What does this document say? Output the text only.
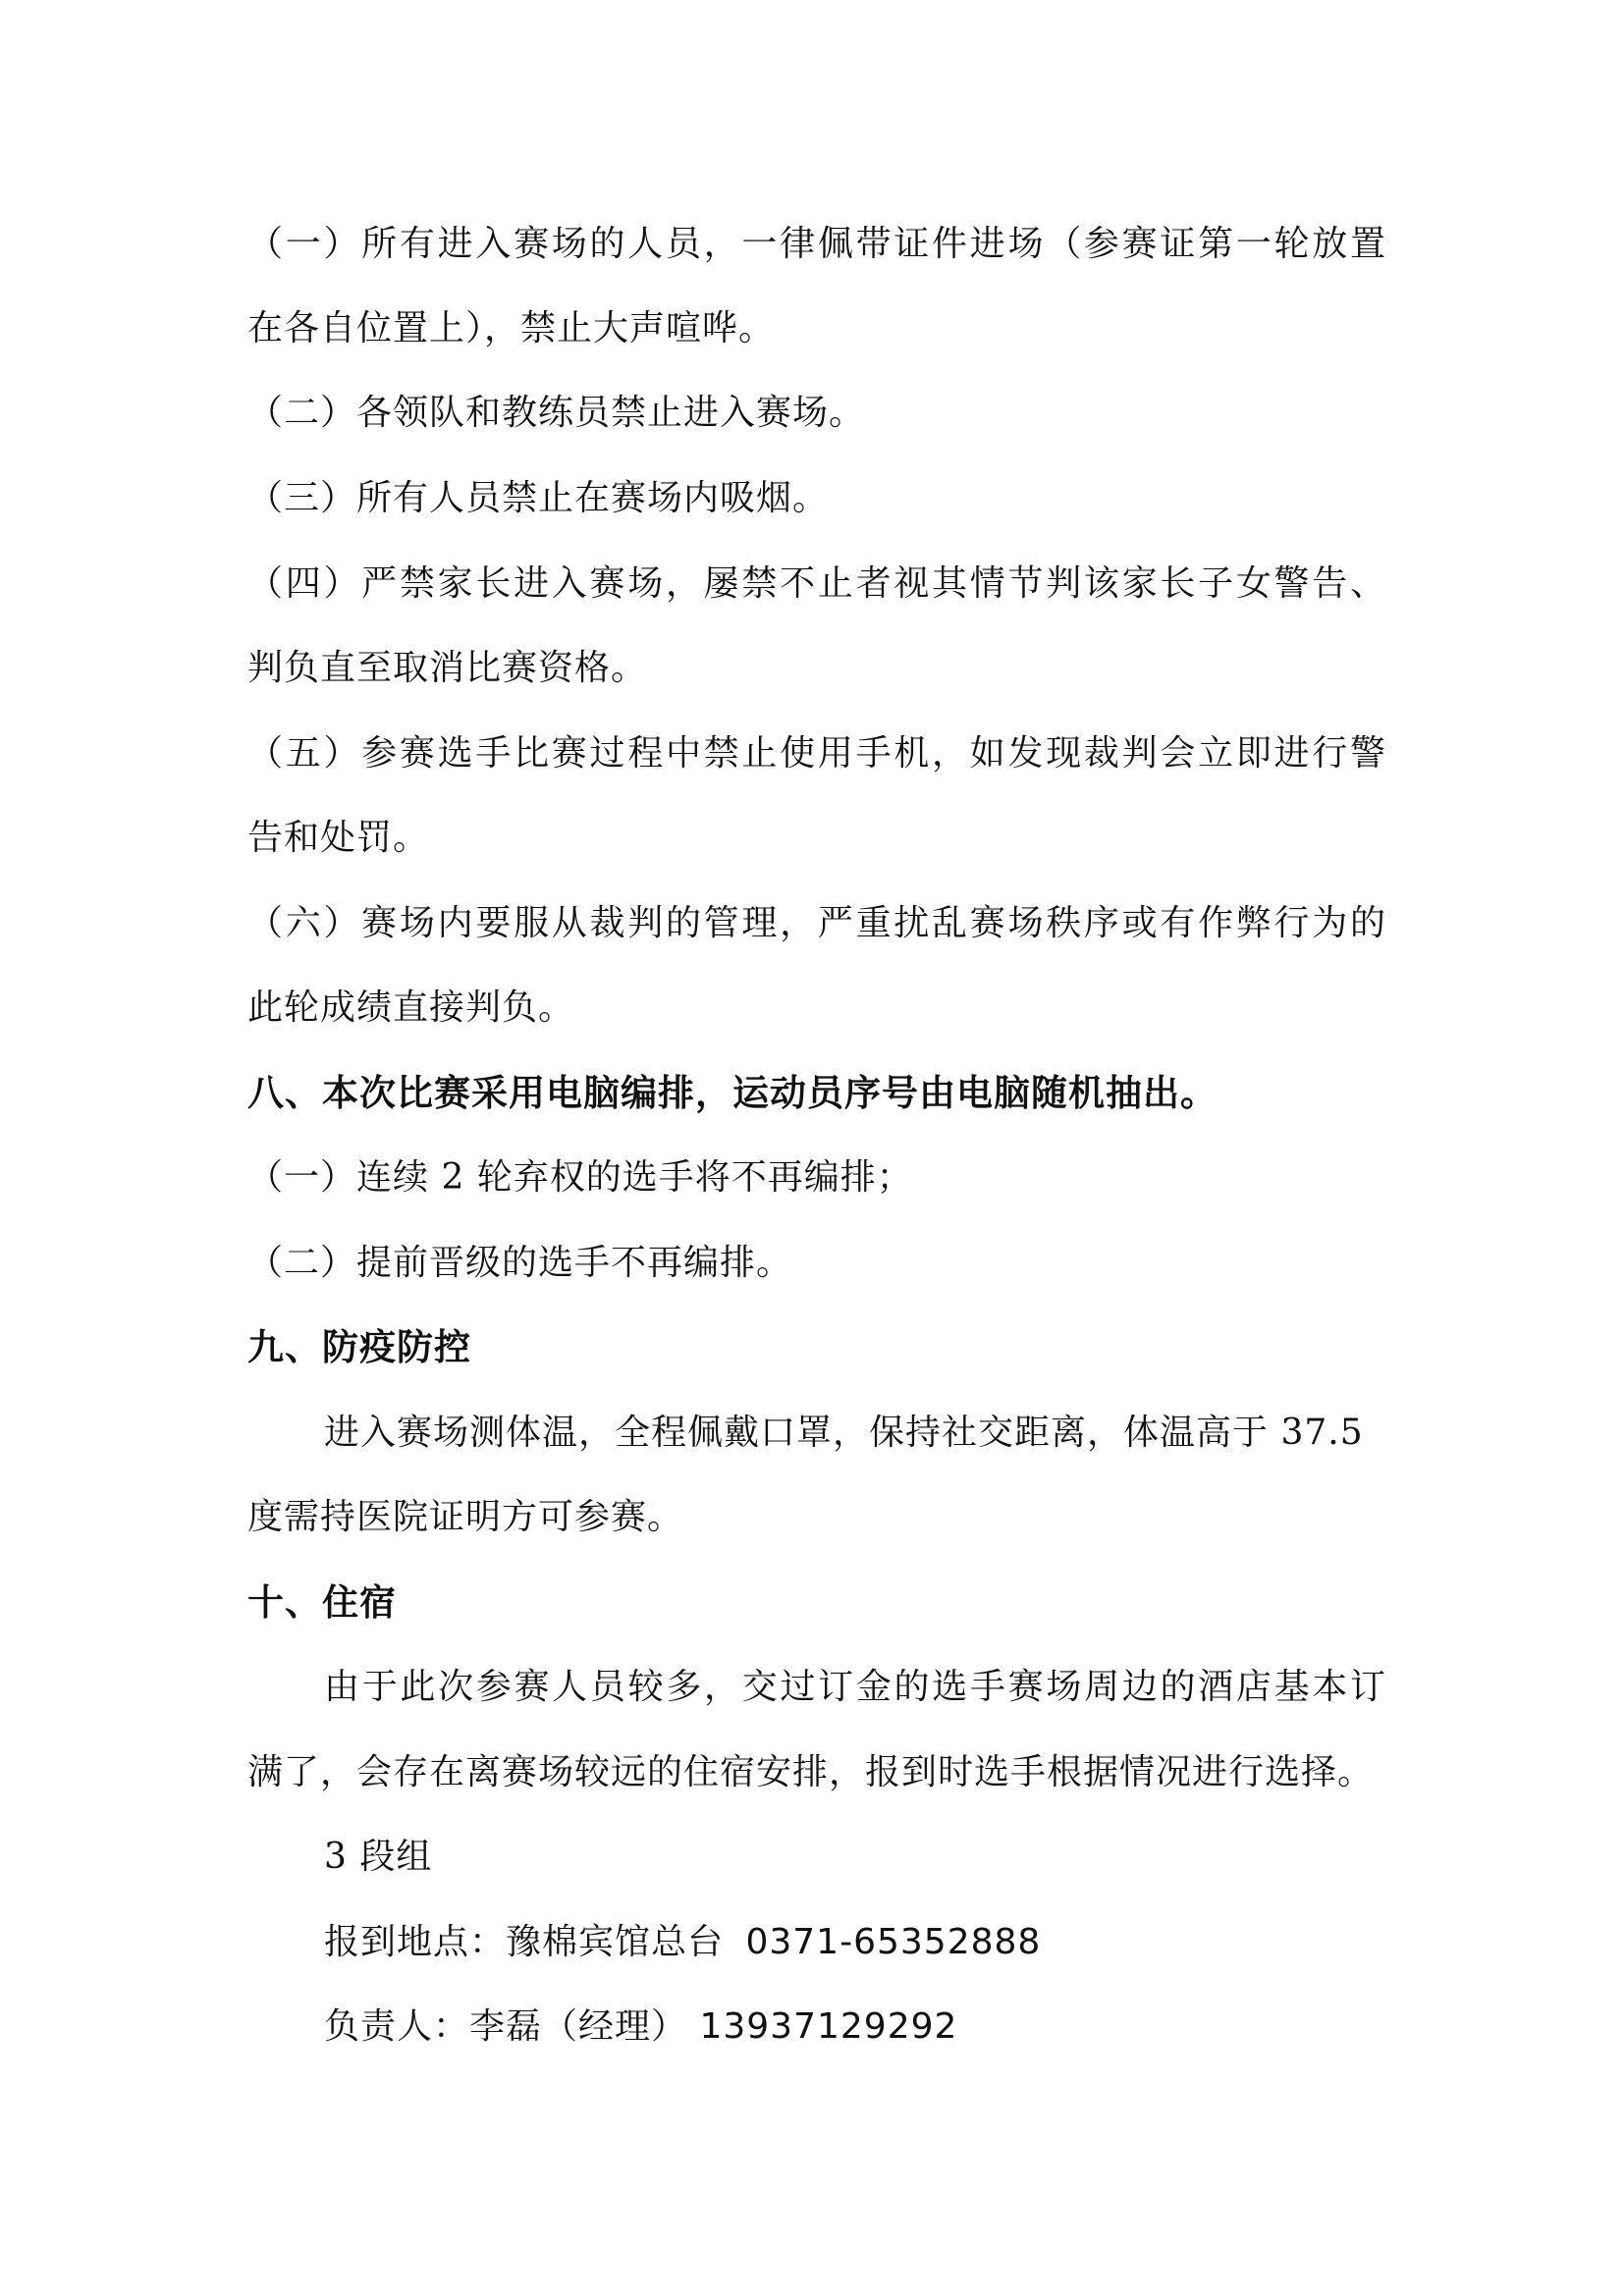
（一）所有进入赛场的人员，一律佩带证件进场（参赛证第一轮放置
在各自位置上），禁止大声喧哗。
（二）各领队和教练员禁止进入赛场。
（三）所有人员禁止在赛场内吸烟。
（四）严禁家长进入赛场，屡禁不止者视其情节判该家长子女警告、
判负直至取消比赛资格。
（五）参赛选手比赛过程中禁止使用手机，如发现裁判会立即进行警
告和处罚。
（六）赛场内要服从裁判的管理，严重扰乱赛场秩序或有作弊行为的
此轮成绩直接判负。
八、本次比赛采用电脑编排，运动员序号由电脑随机抽出。
（一）连续 2 轮弃权的选手将不再编排；
（二）提前晋级的选手不再编排。
九、防疫防控
进入赛场测体温，全程佩戴口罩，保持社交距离，体温高于 37.5
度需持医院证明方可参赛。
十、住宿
由于此次参赛人员较多，交过订金的选手赛场周边的酒店基本订
满了，会存在离赛场较远的住宿安排，报到时选手根据情况进行选择。
3 段组
报到地点：豫棉宾馆总台 0371-65352888
负责人：李磊（经理） 13937129292
